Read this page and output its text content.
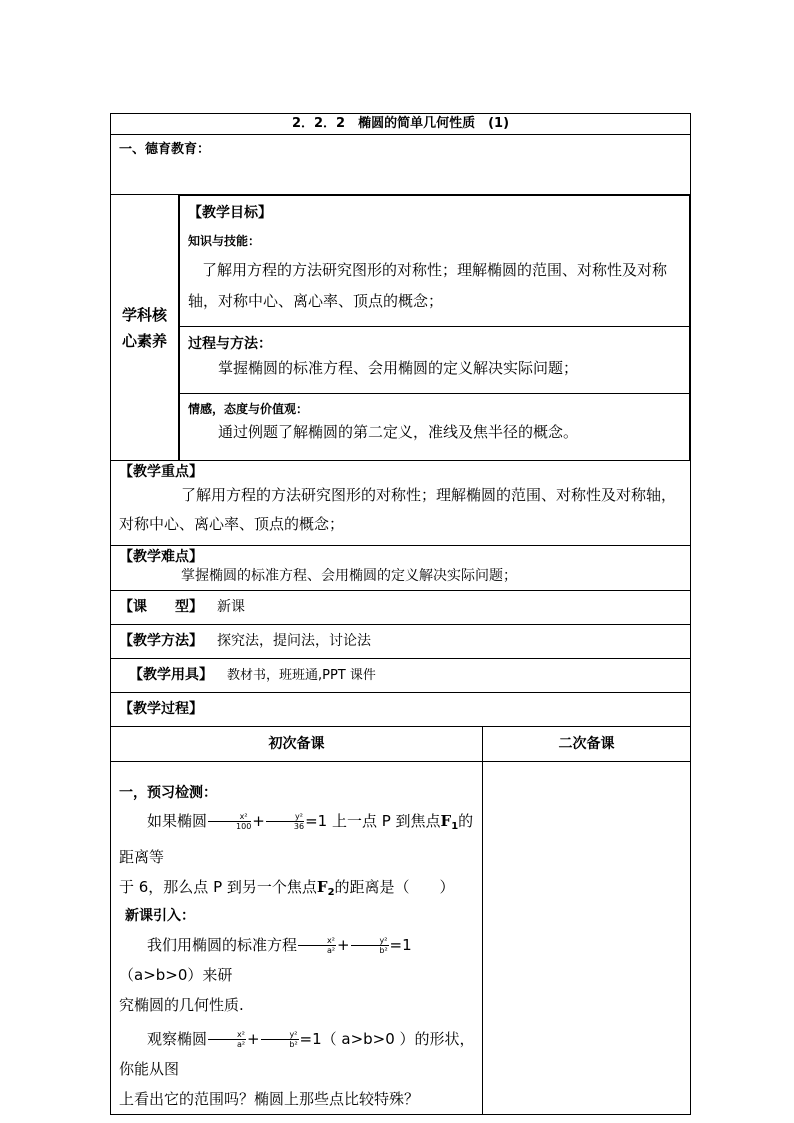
2．2．2　椭圆的简单几何性质　(1)
一、德育教育：

学科核
心素养

【教学目标】
知识与技能：
了解用方程的方法研究图形的对称性；理解椭圆的范围、对称性及对称轴，对称中心、离心率、顶点的概念；

过程与方法：
掌握椭圆的标准方程、会用椭圆的定义解决实际问题；

情感，态度与价值观：
通过例题了解椭圆的第二定义，准线及焦半径的概念。

【教学重点】
了解用方程的方法研究图形的对称性；理解椭圆的范围、对称性及对称轴，对称中心、离心率、顶点的概念；

【教学难点】
掌握椭圆的标准方程、会用椭圆的定义解决实际问题；

【课　　型】 新课
【教学方法】 探究法，提问法，讨论法
【教学用具】 教材书，班班通,PPT 课件
【教学过程】
初次备课	二次备课

一，预习检测：
如果椭圆 $\frac{\text{x²}}{100} + \frac{\text{y²}}{36} =1$ 上一点 P 到焦点$F_1$的距离等
于 6，那么点 P 到另一个焦点$F_2$的距离是（　　）
新课引入：
我们用椭圆的标准方程 $\frac{\text{x²}}{\text{a²}} + \frac{\text{y²}}{\text{b²}} =1$　（a>b>0）来研
究椭圆的几何性质.
观察椭圆 $\frac{\text{x²}}{\text{a²}} + \frac{\text{y²}}{\text{b²}} =1$（ a>b>0 ）的形状，你能从图
上看出它的范围吗？椭圆上那些点比较特殊？
